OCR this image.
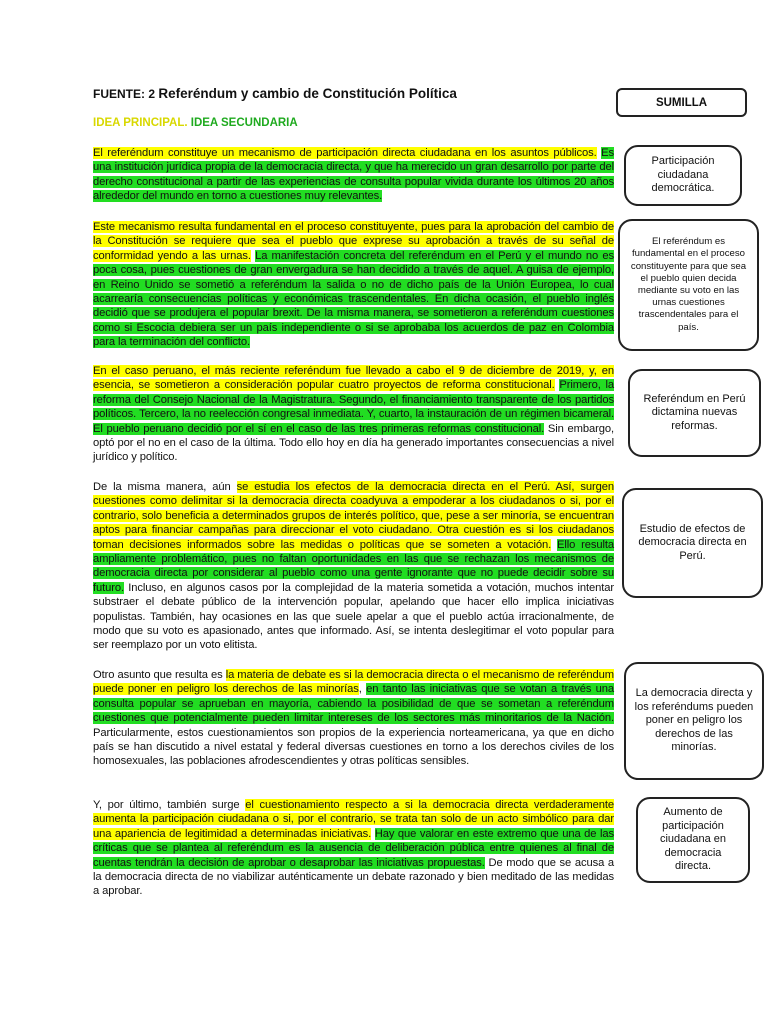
FUENTE: 2 Referéndum y cambio de Constitución Política
IDEA PRINCIPAL. IDEA SECUNDARIA
SUMILLA
El referéndum constituye un mecanismo de participación directa ciudadana en los asuntos públicos. Es una institución jurídica propia de la democracia directa, y que ha merecido un gran desarrollo por parte del derecho constitucional a partir de las experiencias de consulta popular vivida durante los últimos 20 años alrededor del mundo en torno a cuestiones muy relevantes.
Este mecanismo resulta fundamental en el proceso constituyente, pues para la aprobación del cambio de la Constitución se requiere que sea el pueblo que exprese su aprobación a través de su señal de conformidad yendo a las urnas. La manifestación concreta del referéndum en el Perú y el mundo no es poca cosa, pues cuestiones de gran envergadura se han decidido a través de aquel. A guisa de ejemplo, en Reino Unido se sometió a referéndum la salida o no de dicho país de la Unión Europea, lo cual acarrearía consecuencias políticas y económicas trascendentales. En dicha ocasión, el pueblo inglés decidió que se produjera el popular brexit. De la misma manera, se sometieron a referéndum cuestiones como si Escocia debiera ser un país independiente o si se aprobaba los acuerdos de paz en Colombia para la terminación del conflicto.
En el caso peruano, el más reciente referéndum fue llevado a cabo el 9 de diciembre de 2019, y, en esencia, se sometieron a consideración popular cuatro proyectos de reforma constitucional. Primero, la reforma del Consejo Nacional de la Magistratura. Segundo, el financiamiento transparente de los partidos políticos. Tercero, la no reelección congresal inmediata. Y, cuarto, la instauración de un régimen bicameral. El pueblo peruano decidió por el sí en el caso de las tres primeras reformas constitucional. Sin embargo, optó por el no en el caso de la última. Todo ello hoy en día ha generado importantes consecuencias a nivel jurídico y político.
De la misma manera, aún se estudia los efectos de la democracia directa en el Perú. Así, surgen cuestiones como delimitar si la democracia directa coadyuva a empoderar a los ciudadanos o si, por el contrario, solo beneficia a determinados grupos de interés político, que, pese a ser minoría, se encuentran aptos para financiar campañas para direccionar el voto ciudadano. Otra cuestión es si los ciudadanos toman decisiones informados sobre las medidas o políticas que se someten a votación. Ello resulta ampliamente problemático, pues no faltan oportunidades en las que se rechazan los mecanismos de democracia directa por considerar al pueblo como una gente ignorante que no puede decidir sobre su futuro. Incluso, en algunos casos por la complejidad de la materia sometida a votación, muchos intentar substraer el debate público de la intervención popular, apelando que hacer ello implica iniciativas populistas. También, hay ocasiones en las que suele apelar a que el pueblo actúa irracionalmente, de modo que su voto es apasionado, antes que informado. Así, se intenta deslegitimar el voto popular para ser reemplazo por un voto elitista.
Otro asunto que resulta es la materia de debate es si la democracia directa o el mecanismo de referéndum puede poner en peligro los derechos de las minorías, en tanto las iniciativas que se votan a través una consulta popular se aprueban en mayoría, cabiendo la posibilidad de que se sometan a referéndum cuestiones que potencialmente pueden limitar intereses de los sectores más minoritarios de la Nación. Particularmente, estos cuestionamientos son propios de la experiencia norteamericana, ya que en dicho país se han discutido a nivel estatal y federal diversas cuestiones en torno a los derechos civiles de los homosexuales, las poblaciones afrodescendientes y otras políticas sensibles.
Y, por último, también surge el cuestionamiento respecto a si la democracia directa verdaderamente aumenta la participación ciudadana o si, por el contrario, se trata tan solo de un acto simbólico para dar una apariencia de legitimidad a determinadas iniciativas. Hay que valorar en este extremo que una de las críticas que se plantea al referéndum es la ausencia de deliberación pública entre quienes al final de cuentas tendrán la decisión de aprobar o desaprobar las iniciativas propuestas. De modo que se acusa a la democracia directa de no viabilizar auténticamente un debate razonado y bien meditado de las medidas a aprobar.
Participación ciudadana democrática.
El referéndum es fundamental en el proceso constituyente para que sea el pueblo quien decida mediante su voto en las urnas cuestiones trascendentales para el país.
Referéndum en Perú dictamina nuevas reformas.
Estudio de efectos de democracia directa en Perú.
La democracia directa y los referéndums pueden poner en peligro los derechos de las minorías.
Aumento de participación ciudadana en democracia directa.
